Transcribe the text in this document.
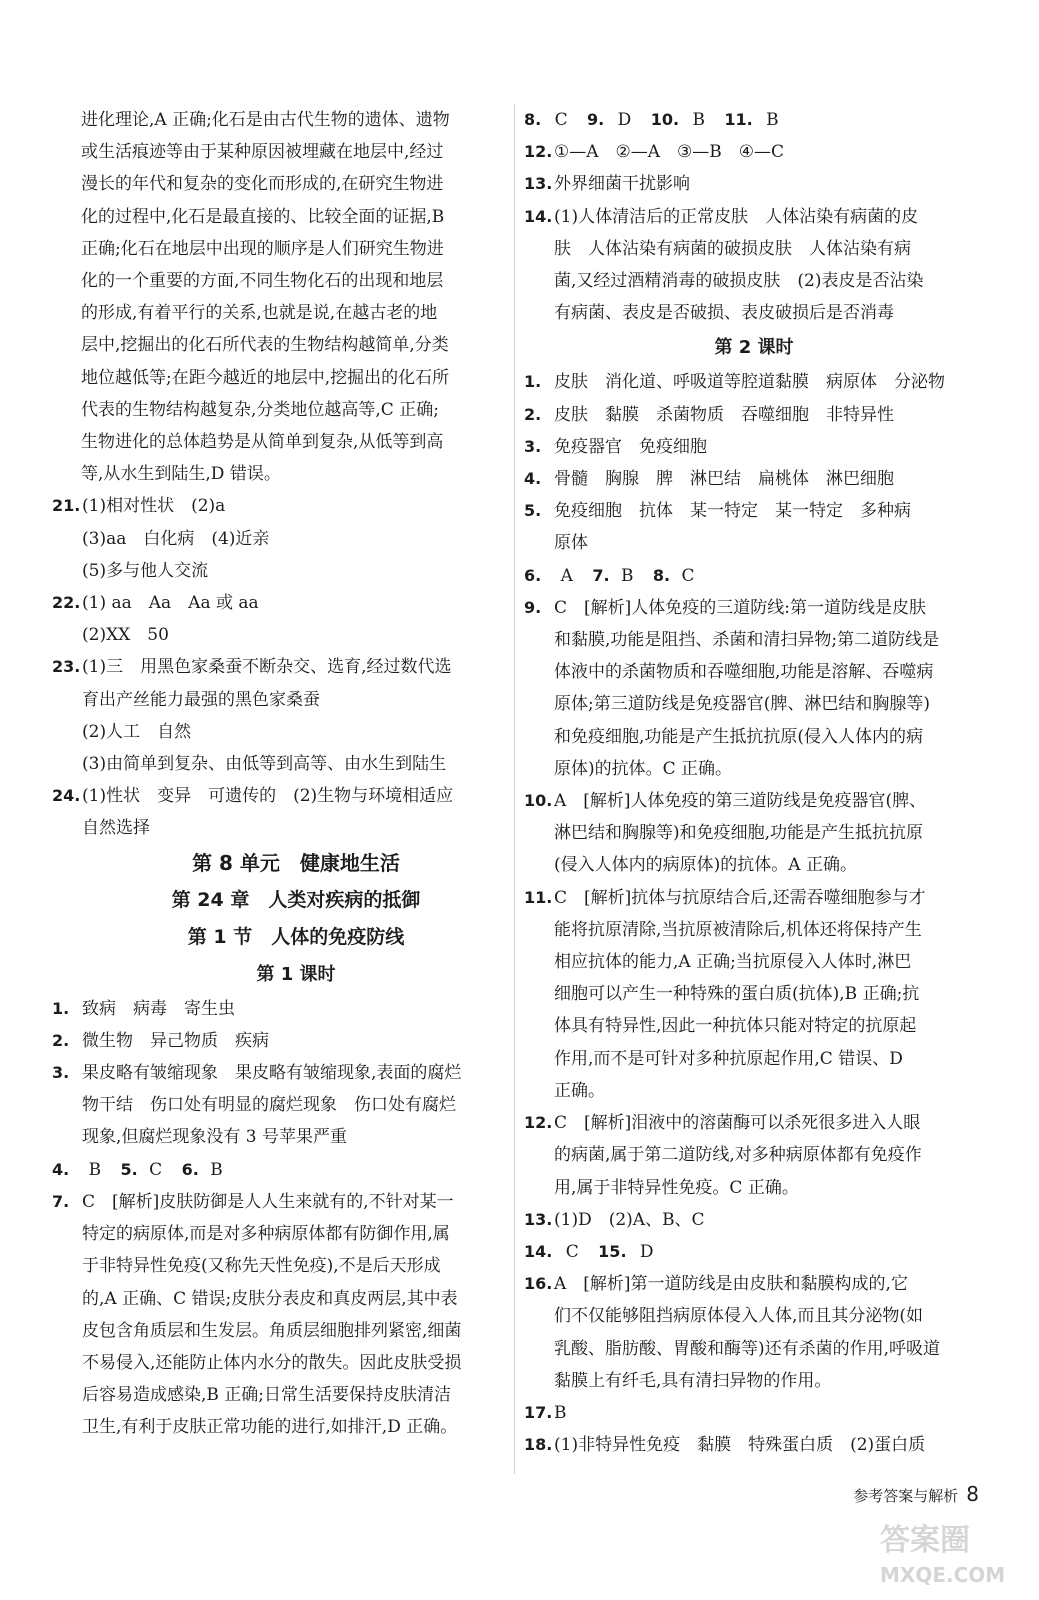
进化理论,A 正确;化石是由古代生物的遗体、遗物
或生活痕迹等由于某种原因被埋藏在地层中,经过
漫长的年代和复杂的变化而形成的,在研究生物进
化的过程中,化石是最直接的、比较全面的证据,B
正确;化石在地层中出现的顺序是人们研究生物进
化的一个重要的方面,不同生物化石的出现和地层
的形成,有着平行的关系,也就是说,在越古老的地
层中,挖掘出的化石所代表的生物结构越简单,分类
地位越低等;在距今越近的地层中,挖掘出的化石所
代表的生物结构越复杂,分类地位越高等,C 正确;
生物进化的总体趋势是从简单到复杂,从低等到高
等,从水生到陆生,D 错误。
21. (1)相对性状　(2)a
(3)aa　白化病　(4)近亲
(5)多与他人交流
22. (1) aa　Aa　Aa 或 aa
(2)XX　50
23. (1)三　用黑色家桑蚕不断杂交、选育,经过数代选
育出产丝能力最强的黑色家桑蚕
(2)人工　自然
(3)由简单到复杂、由低等到高等、由水生到陆生
24. (1)性状　变异　可遗传的　(2)生物与环境相适应
自然选择

第 8 单元　健康地生活

第 24 章　人类对疾病的抵御

第 1 节　人体的免疫防线

第 1 课时

1. 致病　病毒　寄生虫
2. 微生物　异己物质　疾病
3. 果皮略有皱缩现象　果皮略有皱缩现象,表面的腐烂
物干结　伤口处有明显的腐烂现象　伤口处有腐烂
现象,但腐烂现象没有 3 号苹果严重

4. B 5. C 6. B

7. C　[解析]皮肤防御是人人生来就有的,不针对某一
特定的病原体,而是对多种病原体都有防御作用,属
于非特异性免疫(又称先天性免疫),不是后天形成
的,A 正确、C 错误;皮肤分表皮和真皮两层,其中表
皮包含角质层和生发层。角质层细胞排列紧密,细菌
不易侵入,还能防止体内水分的散失。因此皮肤受损
后容易造成感染,B 正确;日常生活要保持皮肤清洁
卫生,有利于皮肤正常功能的进行,如排汗,D 正确。

8. C 9. D 10. B 11. B

12. ①—A　②—A　③—B　④—C
13. 外界细菌干扰影响
14. (1)人体清洁后的正常皮肤　人体沾染有病菌的皮
肤　人体沾染有病菌的破损皮肤　人体沾染有病
菌,又经过酒精消毒的破损皮肤　(2)表皮是否沾染
有病菌、表皮是否破损、表皮破损后是否消毒

第 2 课时

1. 皮肤　消化道、呼吸道等腔道黏膜　病原体　分泌物
2. 皮肤　黏膜　杀菌物质　吞噬细胞　非特异性
3. 免疫器官　免疫细胞
4. 骨髓　胸腺　脾　淋巴结　扁桃体　淋巴细胞
5. 免疫细胞　抗体　某一特定　某一特定　多种病
原体

6. A 7. B 8. C

9. C　[解析]人体免疫的三道防线:第一道防线是皮肤
和黏膜,功能是阻挡、杀菌和清扫异物;第二道防线是
体液中的杀菌物质和吞噬细胞,功能是溶解、吞噬病
原体;第三道防线是免疫器官(脾、淋巴结和胸腺等)
和免疫细胞,功能是产生抵抗抗原(侵入人体内的病
原体)的抗体。C 正确。
10. A　[解析]人体免疫的第三道防线是免疫器官(脾、
淋巴结和胸腺等)和免疫细胞,功能是产生抵抗抗原
(侵入人体内的病原体)的抗体。A 正确。
11. C　[解析]抗体与抗原结合后,还需吞噬细胞参与才
能将抗原清除,当抗原被清除后,机体还将保持产生
相应抗体的能力,A 正确;当抗原侵入人体时,淋巴
细胞可以产生一种特殊的蛋白质(抗体),B 正确;抗
体具有特异性,因此一种抗体只能对特定的抗原起
作用,而不是可针对多种抗原起作用,C 错误、D
正确。
12. C　[解析]泪液中的溶菌酶可以杀死很多进入人眼
的病菌,属于第二道防线,对多种病原体都有免疫作
用,属于非特异性免疫。C 正确。
13. (1)D　(2)A、B、C

14. C 15. D

16. A　[解析]第一道防线是由皮肤和黏膜构成的,它
们不仅能够阻挡病原体侵入人体,而且其分泌物(如
乳酸、脂肪酸、胃酸和酶等)还有杀菌的作用,呼吸道
黏膜上有纤毛,具有清扫异物的作用。
17. B
18. (1)非特异性免疫　黏膜　特殊蛋白质　(2)蛋白质
参考答案与解析 8
答案圈
MXQE.COM
